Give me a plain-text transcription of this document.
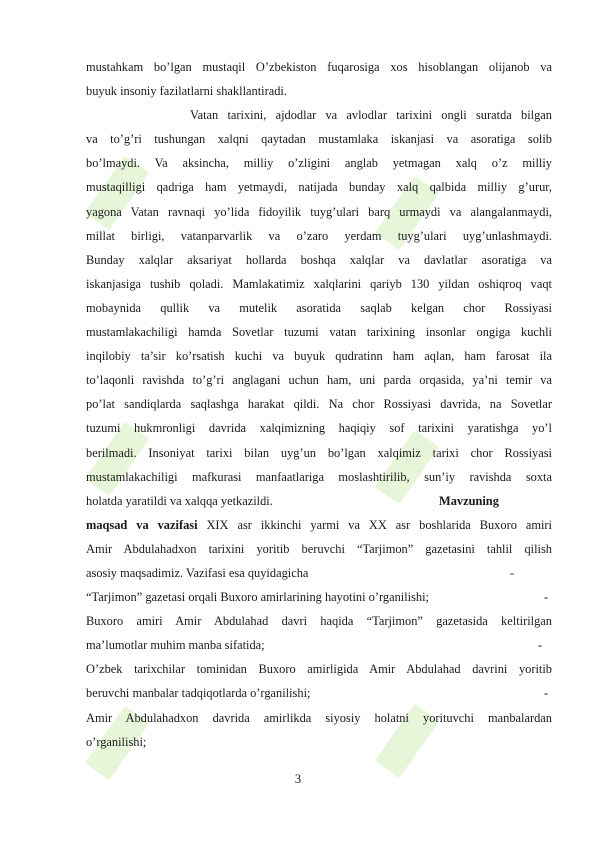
mustahkam bo’lgan mustaqil O’zbekiston fuqarosiga xos hisoblangan olijanob va
buyuk insoniy fazilatlarni shakllantiradi.
Vatan tarixini, ajdodlar va avlodlar tarixini ongli suratda bilgan
va to’g’ri tushungan xalqni qaytadan mustamlaka iskanjasi va asoratiga solib
bo’lmaydi. Va aksincha, milliy o’zligini anglab yetmagan xalq o’z milliy
mustaqilligi qadriga ham yetmaydi, natijada bunday xalq qalbida milliy g’urur,
yagona Vatan ravnaqi yo’lida fidoyilik tuyg’ulari barq urmaydi va alangalanmaydi,
millat birligi, vatanparvarlik va o’zaro yerdam tuyg’ulari uyg’unlashmaydi.
Bunday xalqlar aksariyat hollarda boshqa xalqlar va davlatlar asoratiga va
iskanjasiga tushib qoladi. Mamlakatimiz xalqlarini qariyb 130 yildan oshiqroq vaqt
mobaynida qullik va mutelik asoratida saqlab kelgan chor Rossiyasi
mustamlakachiligi hamda Sovetlar tuzumi vatan tarixining insonlar ongiga kuchli
inqilobiy ta’sir ko’rsatish kuchi va buyuk qudratinn ham aqlan, ham farosat ila
to’laqonli ravishda to’g’ri anglagani uchun ham, uni parda orqasida, ya’ni temir va
po’lat sandiqlarda saqlashga harakat qildi. Na chor Rossiyasi davrida, na Sovetlar
tuzumi hukmronligi davrida xalqimizning haqiqiy sof tarixini yaratishga yo’l
berilmadi. Insoniyat tarixi bilan uyg’un bo’lgan xalqimiz tarixi chor Rossiyasi
mustamlakachiligi mafkurasi manfaatlariga moslashtirilib, sun’iy ravishda soxta
holatda yaratildi va xalqqa yetkazildi.	Mavzuning
maqsad va vazifasi XIX asr ikkinchi yarmi va XX asr boshlarida Buxoro amiri
Amir Abdulahadxon tarixini yoritib beruvchi “Tarjimon” gazetasini tahlil qilish
asosiy maqsadimiz. Vazifasi esa quyidagicha	-
“Tarjimon” gazetasi orqali Buxoro amirlarining hayotini o’rganilishi;	-
Buxoro amiri Amir Abdulahad davri haqida “Tarjimon” gazetasida keltirilgan
ma’lumotlar muhim manba sifatida;	-
O’zbek tarixchilar tominidan Buxoro amirligida Amir Abdulahad davrini yoritib
beruvchi manbalar tadqiqotlarda o’rganilishi;	-
Amir Abdulahadxon davrida amirlikda siyosiy holatni yorituvchi manbalardan
o’rganilishi;
3
